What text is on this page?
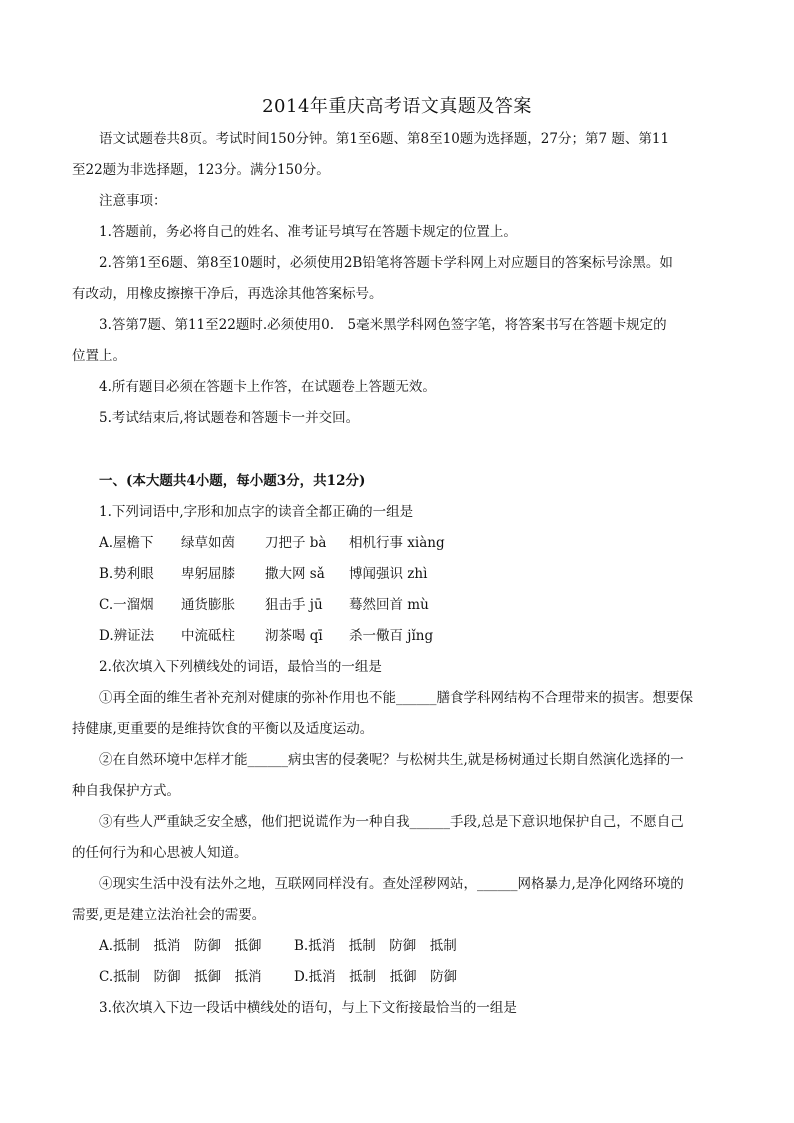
2014年重庆高考语文真题及答案

语文试题卷共8页。考试时间150分钟。第1至6题、第8至10题为选择题，27分；第7 题、第11

至22题为非选择题，123分。满分150分。

注意事项：

1.答题前，务必将自己的姓名、准考证号填写在答题卡规定的位置上。

2.答第1至6题、第8至10题时，必须使用2B铅笔将答题卡学科网上对应题目的答案标号涂黑。如

有改动，用橡皮擦擦干净后，再选涂其他答案标号。

3.答第7题、第11至22题时.必须使用0.　5毫米黑学科网色签字笔，将答案书写在答题卡规定的

位置上。

4.所有题目必须在答题卡上作答，在试题卷上答题无效。

5.考试结束后,将试题卷和答题卡一并交回。

一、(本大题共4小题，每小题3分，共12分)

1.下列词语中,字形和加点字的读音全都正确的一组是

A.屋檐下	绿草如茵	刀把子 bà	相机行事 xiàng
B.势利眼	卑躬屈膝	撒大网 sǎ	博闻强识 zhì
C.一溜烟	通货膨胀	狙击手 jū	蓦然回首 mù
D.辨证法	中流砥柱	沏茶喝 qī	杀一儆百 jǐng

2.依次填入下列横线处的词语，最恰当的一组是

①再全面的维生者补充剂对健康的弥补作用也不能______膳食学科网结构不合理带来的损害。想要保

持健康,更重要的是维持饮食的平衡以及适度运动。

②在自然环境中怎样才能______病虫害的侵袭呢？与松树共生,就是杨树通过长期自然演化选择的一

种自我保护方式。

③有些人严重缺乏安全感，他们把说谎作为一种自我______手段,总是下意识地保护自己，不愿自己

的任何行为和心思被人知道。

④现实生活中没有法外之地，互联网同样没有。查处淫秽网站，______网格暴力,是净化网络环境的

需要,更是建立法治社会的需要。

A.抵制　抵消　防御　抵御	B.抵消　抵制　防御　抵制
C.抵制　防御　抵御　抵消	D.抵消　抵制　抵御　防御

3.依次填入下边一段话中横线处的语句，与上下文衔接最恰当的一组是
